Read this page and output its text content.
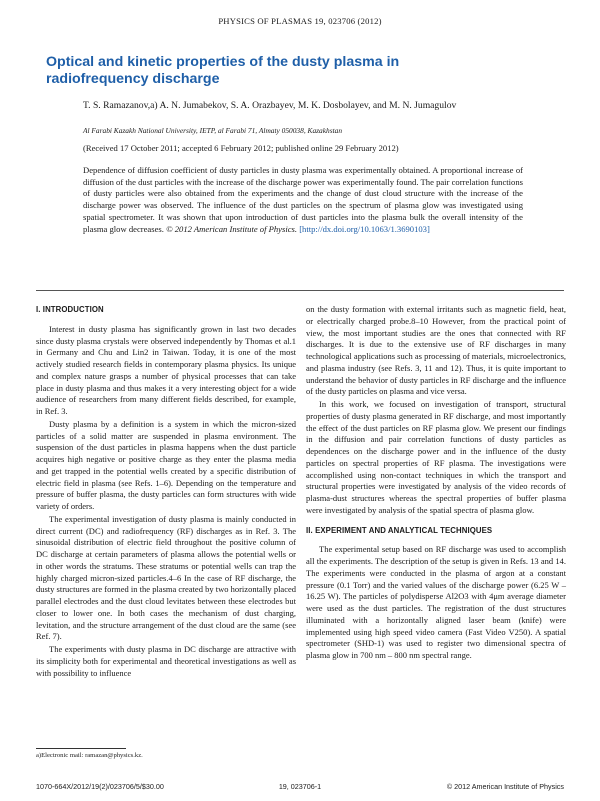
PHYSICS OF PLASMAS 19, 023706 (2012)
Optical and kinetic properties of the dusty plasma in radiofrequency discharge
T. S. Ramazanov,a) A. N. Jumabekov, S. A. Orazbayev, M. K. Dosbolayev, and M. N. Jumagulov
Al Farabi Kazakh National University, IETP, al Farabi 71, Almaty 050038, Kazakhstan
(Received 17 October 2011; accepted 6 February 2012; published online 29 February 2012)
Dependence of diffusion coefficient of dusty particles in dusty plasma was experimentally obtained. A proportional increase of diffusion of the dust particles with the increase of the discharge power was experimentally found. The pair correlation functions of dusty particles were also obtained from the experiments and the change of dust cloud structure with the increase of the discharge power was observed. The influence of the dust particles on the spectrum of plasma glow was investigated using spatial spectrometer. It was shown that upon introduction of dust particles into the plasma bulk the overall intensity of the plasma glow decreases. © 2012 American Institute of Physics. [http://dx.doi.org/10.1063/1.3690103]

I. INTRODUCTION

Interest in dusty plasma has significantly grown in last two decades since dusty plasma crystals were observed independently by Thomas et al.1 in Germany and Chu and Lin2 in Taiwan. Today, it is one of the most actively studied research fields in contemporary plasma physics. Its unique and complex nature grasps a number of physical processes that can take place in dusty plasma and thus makes it a very interesting object for a wide audience of researchers from many different fields described, for example, in Ref. 3.

Dusty plasma by a definition is a system in which the micron-sized particles of a solid matter are suspended in plasma environment. The suspension of the dust particles in plasma happens when the dust particle acquires high negative or positive charge as they enter the plasma media and get trapped in the potential wells created by a specific distribution of electric field in plasma (see Refs. 1–6). Depending on the temperature and pressure of buffer plasma, the dusty particles can form structures with wide variety of orders.

The experimental investigation of dusty plasma is mainly conducted in direct current (DC) and radiofrequency (RF) discharges as in Ref. 3. The sinusoidal distribution of electric field throughout the positive column of DC discharge at certain parameters of plasma allows the potential wells or in other words the stratums. These stratums or potential wells can trap the highly charged micron-sized particles.4–6 In the case of RF discharge, the dusty structures are formed in the plasma created by two horizontally placed parallel electrodes and the dust cloud levitates between these electrodes but closer to lower one. In both cases the mechanism of dust charging, levitation, and the structure arrangement of the dust cloud are the same (see Ref. 7).

The experiments with dusty plasma in DC discharge are attractive with its simplicity both for experimental and theoretical investigations as well as with possibility to influence

on the dusty formation with external irritants such as magnetic field, heat, or electrically charged probe.8–10 However, from the practical point of view, the most important studies are the ones that connected with RF discharges. It is due to the extensive use of RF discharges in many technological applications such as processing of materials, microelectronics, and plasma industry (see Refs. 3, 11 and 12). Thus, it is quite important to understand the behavior of dusty particles in RF discharge and the influence of the dusty particles on plasma and vice versa.

In this work, we focused on investigation of transport, structural properties of dusty plasma generated in RF discharge, and most importantly the effect of the dust particles on RF plasma glow. We present our findings in the diffusion and pair correlation functions of dusty particles as dependences on the discharge power and in the influence of the dusty particles on spectral properties of RF plasma. The investigations were accomplished using non-contact techniques in which the transport and structural properties were investigated by analysis of the video records of plasma-dust structures whereas the spectral properties of buffer plasma were investigated by analysis of the spatial spectra of plasma glow.

II. EXPERIMENT AND ANALYTICAL TECHNIQUES

The experimental setup based on RF discharge was used to accomplish all the experiments. The description of the setup is given in Refs. 13 and 14. The experiments were conducted in the plasma of argon at a constant pressure (0.1 Torr) and the varied values of the discharge power (6.25 W – 16.25 W). The particles of polydisperse Al2O3 with 4μm average diameter were used as the dust particles. The registration of the dust structures illuminated with a horizontally aligned laser beam (knife) were implemented using high speed video camera (Fast Video V250). A spatial spectrometer (SHD-1) was used to register two dimensional spectra of plasma glow in 700 nm – 800 nm spectral range.

a)Electronic mail: ramazan@physics.kz.
1070-664X/2012/19(2)/023706/5/$30.00	19, 023706-1	© 2012 American Institute of Physics
